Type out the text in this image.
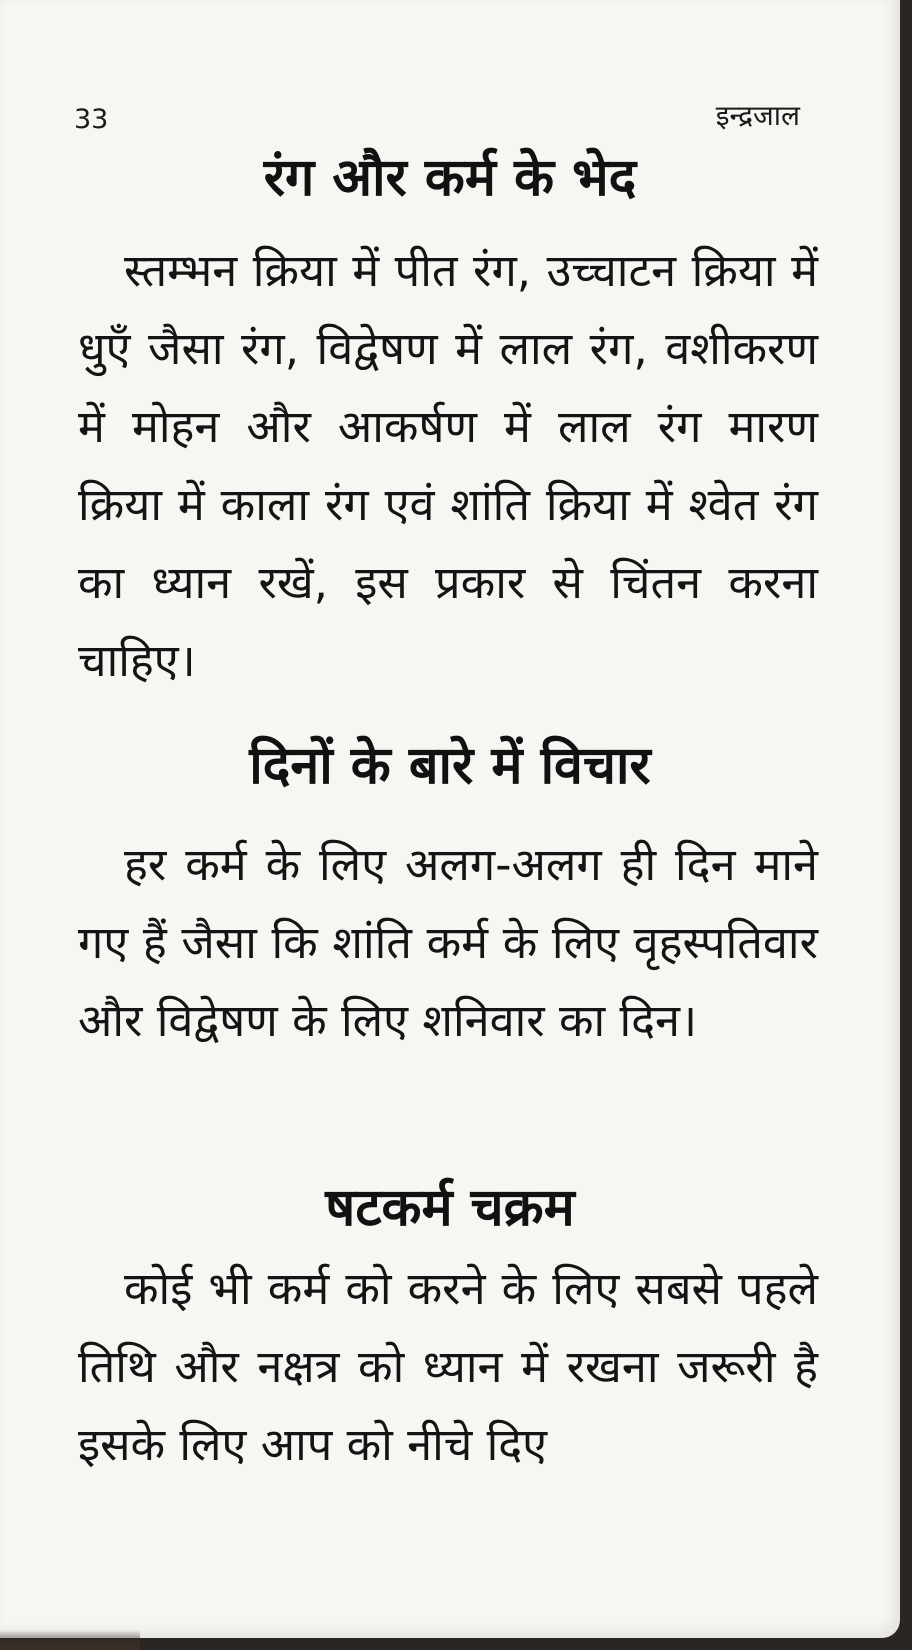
33	इन्द्रजाल
रंग और कर्म के भेद
स्तम्भन क्रिया में पीत रंग, उच्चाटन क्रिया में धुएँ जैसा रंग, विद्वेषण में लाल रंग, वशीकरण में मोहन और आकर्षण में लाल रंग मारण क्रिया में काला रंग एवं शांति क्रिया में श्वेत रंग का ध्यान रखें, इस प्रकार से चिंतन करना चाहिए।
दिनों के बारे में विचार
हर कर्म के लिए अलग-अलग ही दिन माने गए हैं जैसा कि शांति कर्म के लिए वृहस्पतिवार और विद्वेषण के लिए शनिवार का दिन।
षटकर्म चक्रम
कोई भी कर्म को करने के लिए सबसे पहले तिथि और नक्षत्र को ध्यान में रखना जरूरी है इसके लिए आप को नीचे दिए
